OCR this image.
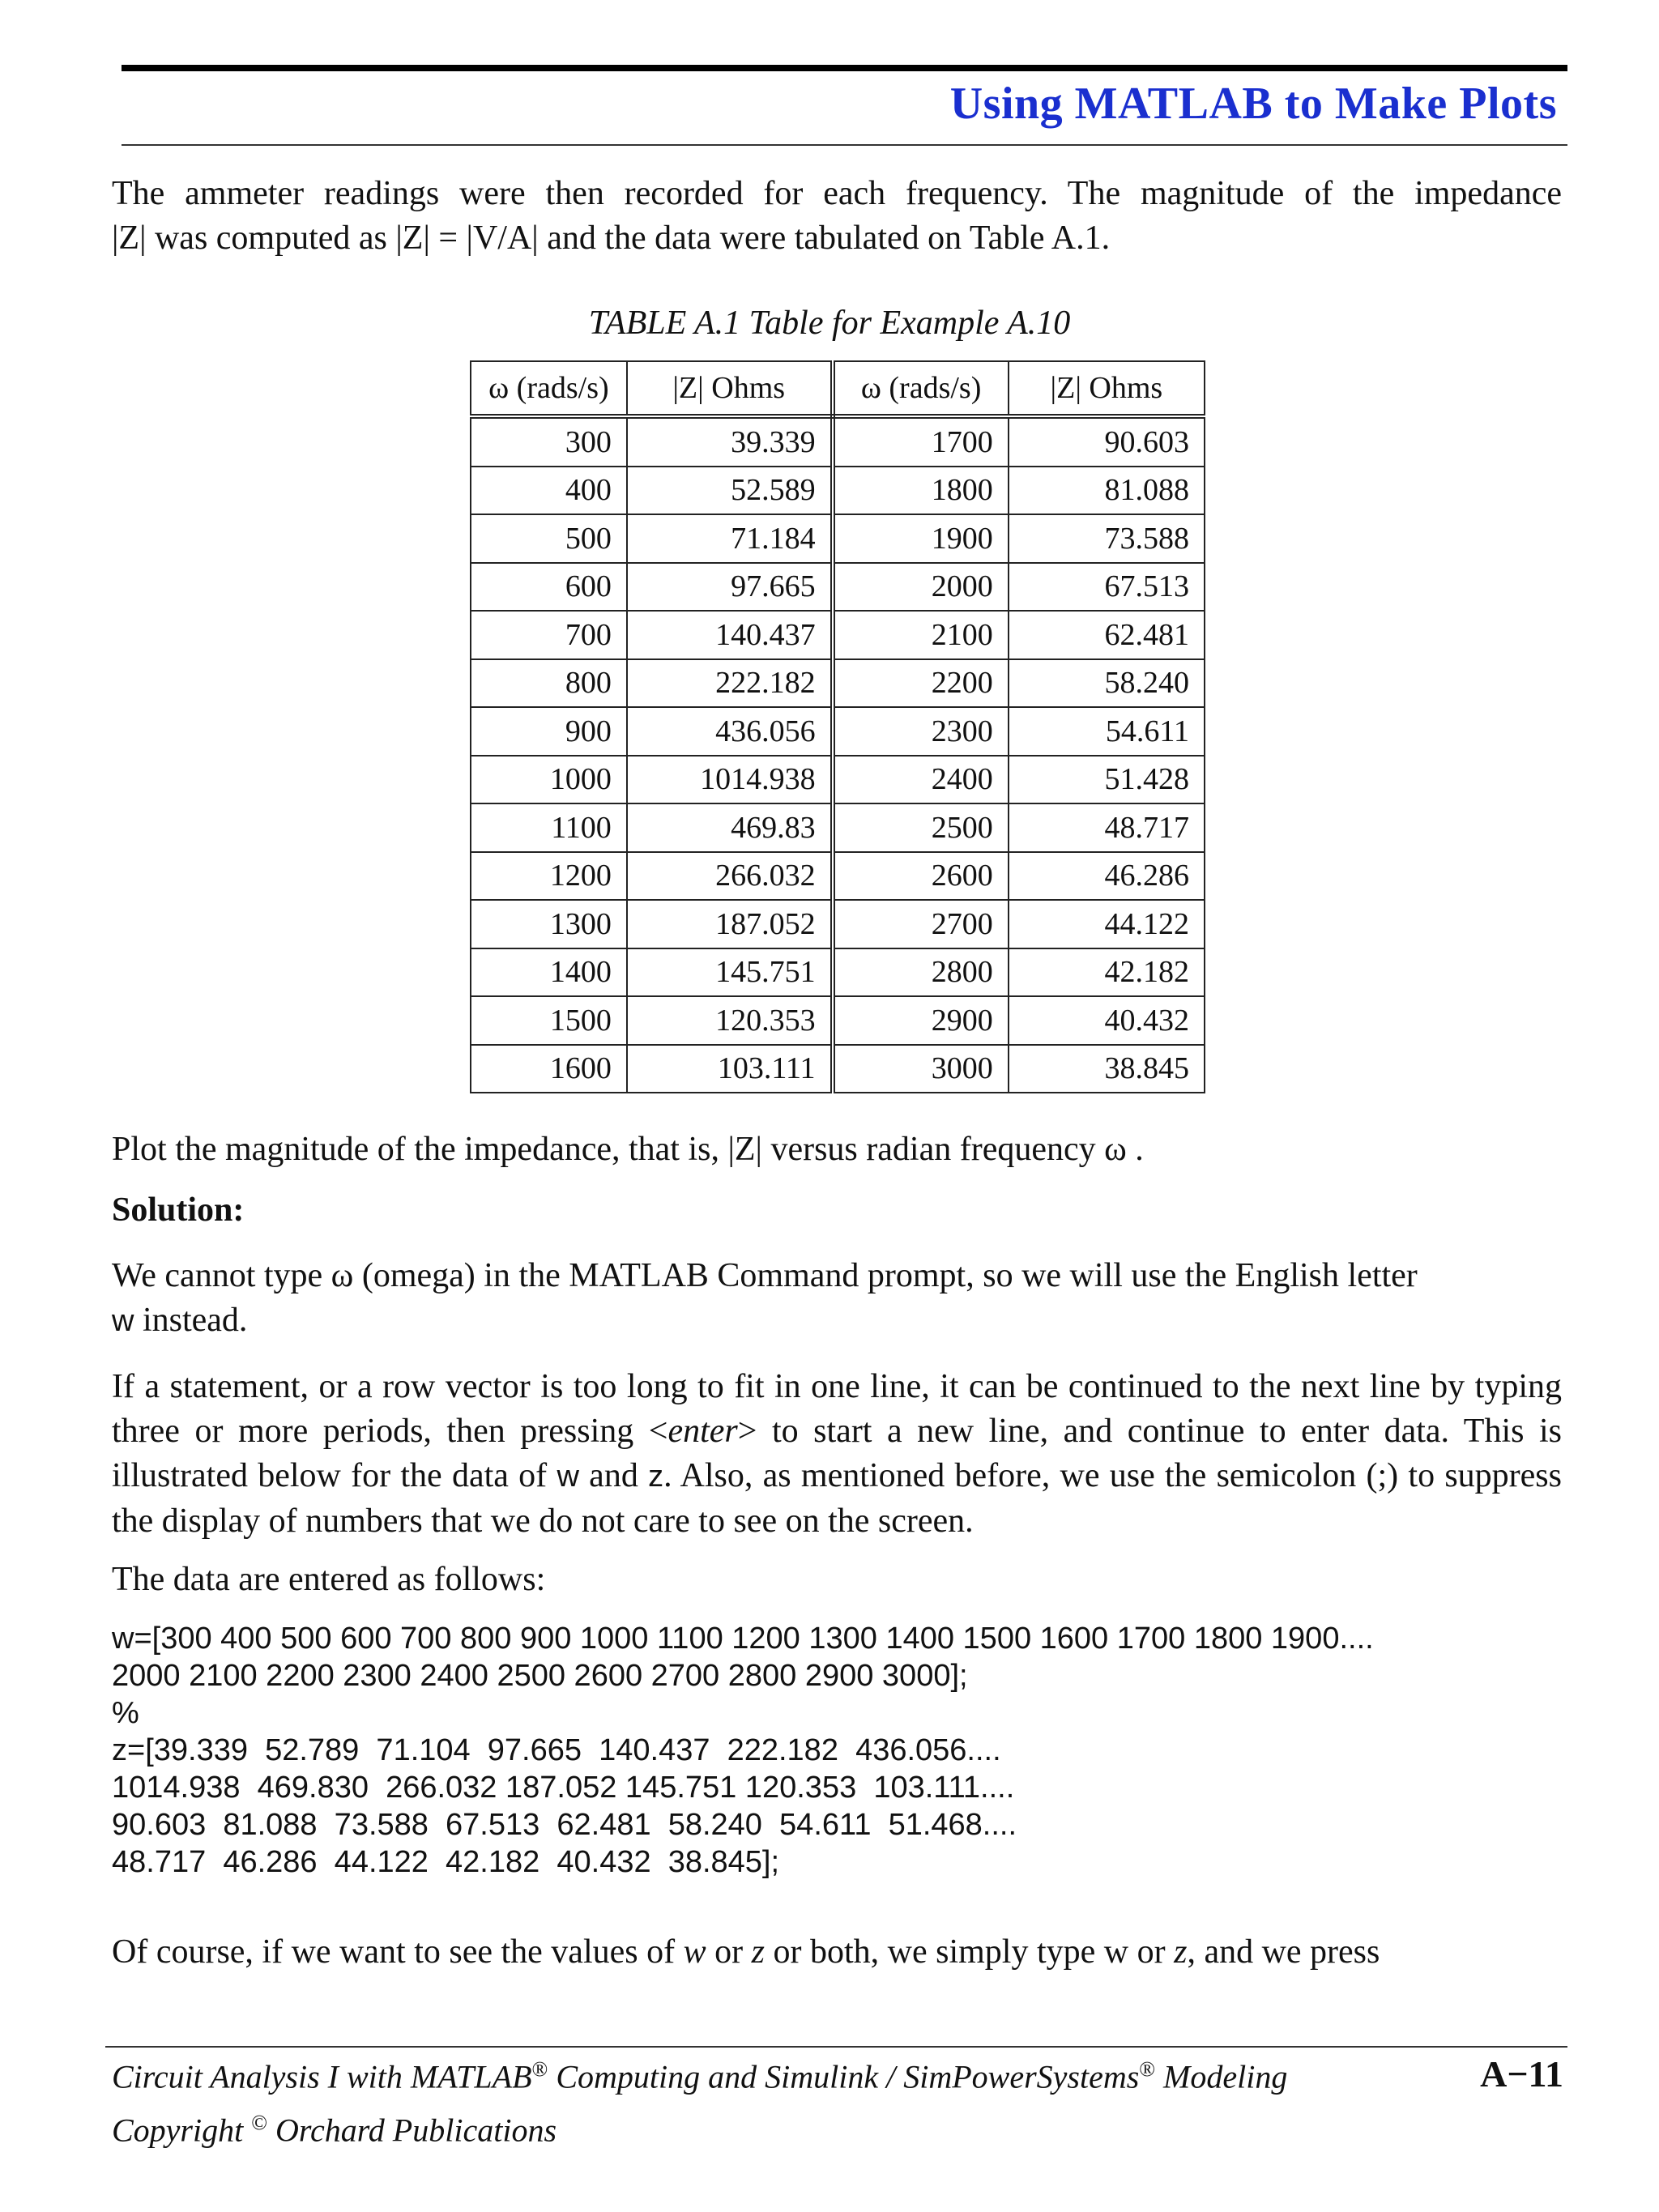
Using MATLAB to Make Plots

The ammeter readings were then recorded for each frequency. The magnitude of the impedance
|Z| was computed as |Z| = |V/A| and the data were tabulated on Table A.1.

TABLE A.1 Table for Example A.10

ω (rads/s)	|Z| Ohms	ω (rads/s)	|Z| Ohms
300	39.339	1700	90.603
400	52.589	1800	81.088
500	71.184	1900	73.588
600	97.665	2000	67.513
700	140.437	2100	62.481
800	222.182	2200	58.240
900	436.056	2300	54.611
1000	1014.938	2400	51.428
1100	469.83	2500	48.717
1200	266.032	2600	46.286
1300	187.052	2700	44.122
1400	145.751	2800	42.182
1500	120.353	2900	40.432
1600	103.111	3000	38.845

Plot the magnitude of the impedance, that is, |Z| versus radian frequency ω .

Solution:

We cannot type ω (omega) in the MATLAB Command prompt, so we will use the English letter
w instead.

If a statement, or a row vector is too long to fit in one line, it can be continued to the next line by typing three or more periods, then pressing <enter> to start a new line, and continue to enter data. This is illustrated below for the data of w and z. Also, as mentioned before, we use the semicolon (;) to suppress the display of numbers that we do not care to see on the screen.

The data are entered as follows:

w=[300 400 500 600 700 800 900 1000 1100 1200 1300 1400 1500 1600 1700 1800 1900....
2000 2100 2200 2300 2400 2500 2600 2700 2800 2900 3000];
%
z=[39.339  52.789  71.104  97.665  140.437  222.182  436.056....
1014.938  469.830  266.032 187.052 145.751 120.353  103.111....
90.603  81.088  73.588  67.513  62.481  58.240  54.611  51.468....
48.717  46.286  44.122  42.182  40.432  38.845];

Of course, if we want to see the values of w or z or both, we simply type w or z, and we press

Circuit Analysis I with MATLAB® Computing and Simulink / SimPowerSystems® Modeling	A−11

Copyright © Orchard Publications
